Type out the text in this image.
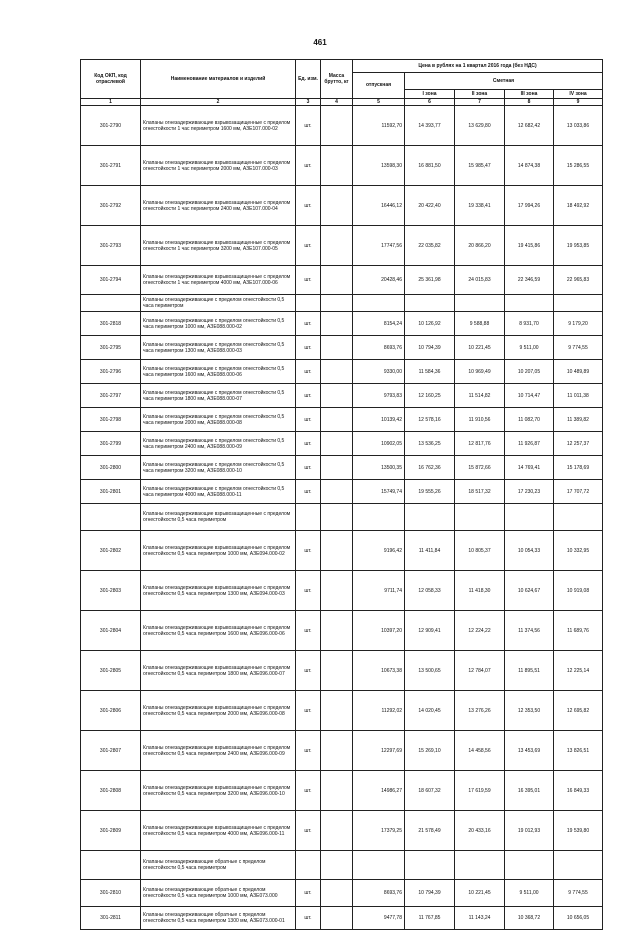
461
Код ОКП, код отраслевой	Наименование материалов и изделий	Ед. изм.	Масса брутто, кг	Цена в рублях на 1 квартал 2016 года (без НДС)				
				отпускная	Сметная			
					I зона	II зона	III зона	IV зона
1	2	3	4	5	6	7	8	9
301-2790	Клапаны огнезадерживающие взрывозащищенные с пределом огнестойкости 1 час периметром 1600 мм, АЗЕ107.000-02	шт.		11592,70	14 393,77	13 629,80	12 682,42	13 033,86
301-2791	Клапаны огнезадерживающие взрывозащищенные с пределом огнестойкости 1 час периметром 2000 мм, АЗЕ107.000-03	шт.		13598,30	16 881,50	15 985,47	14 874,38	15 286,55
301-2792	Клапаны огнезадерживающие взрывозащищенные с пределом огнестойкости 1 час периметром 2400 мм, АЗЕ107.000-04	шт.		16446,12	20 422,40	19 338,41	17 994,26	18 492,92
301-2793	Клапаны огнезадерживающие взрывозащищенные с пределом огнестойкости 1 час периметром 3200 мм, АЗЕ107.000-05	шт.		17747,56	22 035,82	20 866,20	19 415,86	19 953,85
301-2794	Клапаны огнезадерживающие взрывозащищенные с пределом огнестойкости 1 час периметром 4000 мм, АЗЕ107.000-06	шт.		20428,46	25 361,98	24 015,83	22 346,59	22 965,83
	Клапаны огнезадерживающие с пределом огнестойкости 0,5 часа периметром							
301-2818	Клапаны огнезадерживающие с пределом огнестойкости 0,5 часа периметром 1000 мм, АЗЕ088.000-02	шт.		8154,24	10 126,92	9 588,88	8 931,70	9 179,20
301-2795	Клапаны огнезадерживающие с пределом огнестойкости 0,5 часа периметром 1300 мм, АЗЕ088.000-03	шт.		8693,76	10 794,39	10 221,45	9 511,00	9 774,55
301-2796	Клапаны огнезадерживающие с пределом огнестойкости 0,5 часа периметром 1600 мм, АЗЕ088.000-06	шт.		9330,00	11 584,36	10 969,49	10 207,05	10 489,89
301-2797	Клапаны огнезадерживающие с пределом огнестойкости 0,5 часа периметром 1800 мм, АЗЕ088.000-07	шт.		9793,83	12 160,25	11 514,82	10 714,47	11 011,38
301-2798	Клапаны огнезадерживающие с пределом огнестойкости 0,5 часа периметром 2000 мм, АЗЕ088.000-08	шт.		10139,42	12 578,16	11 910,56	11 082,70	11 389,82
301-2799	Клапаны огнезадерживающие с пределом огнестойкости 0,5 часа периметром 2400 мм, АЗЕ088.000-09	шт.		10902,05	13 536,25	12 817,76	11 926,87	12 257,37
301-2800	Клапаны огнезадерживающие с пределом огнестойкости 0,5 часа периметром 3200 мм, АЗЕ088.000-10	шт.		13500,35	16 762,36	15 872,66	14 769,41	15 178,69
301-2801	Клапаны огнезадерживающие с пределом огнестойкости 0,5 часа периметром 4000 мм, АЗЕ088.000-11	шт.		15749,74	19 555,26	18 517,32	17 230,23	17 707,72
	Клапаны огнезадерживающие взрывозащищенные с пределом огнестойкости 0,5 часа периметром							
301-2802	Клапаны огнезадерживающие взрывозащищенные с пределом огнестойкости 0,5 часа периметром 1000 мм, АЗЕ094.000-02	шт.		9196,42	11 411,84	10 805,37	10 054,33	10 332,95
301-2803	Клапаны огнезадерживающие взрывозащищенные с пределом огнестойкости 0,5 часа периметром 1300 мм, АЗЕ094.000-03	шт.		9711,74	12 058,33	11 418,30	10 624,67	10 919,08
301-2804	Клапаны огнезадерживающие взрывозащищенные с пределом огнестойкости 0,5 часа периметром 1600 мм, АЗЕ096.000-06	шт.		10397,20	12 909,41	12 224,22	11 374,56	11 689,76
301-2805	Клапаны огнезадерживающие взрывозащищенные с пределом огнестойкости 0,5 часа периметром 1800 мм, АЗЕ096.000-07	шт.		10673,38	13 500,65	12 784,07	11 895,51	12 225,14
301-2806	Клапаны огнезадерживающие взрывозащищенные с пределом огнестойкости 0,5 часа периметром 2000 мм, АЗЕ096.000-08	шт.		11292,02	14 020,45	13 276,26	12 353,50	12 695,82
301-2807	Клапаны огнезадерживающие взрывозащищенные с пределом огнестойкости 0,5 часа периметром 2400 мм, АЗЕ096.000-09	шт.		12297,69	15 269,10	14 458,56	13 453,69	13 826,51
301-2808	Клапаны огнезадерживающие взрывозащищенные с пределом огнестойкости 0,5 часа периметром 3200 мм, АЗЕ096.000-10	шт.		14986,27	18 607,32	17 619,59	16 395,01	16 849,33
301-2809	Клапаны огнезадерживающие взрывозащищенные с пределом огнестойкости 0,5 часа периметром 4000 мм, АЗЕ096.000-11	шт.		17379,25	21 578,49	20 433,16	19 012,93	19 539,80
	Клапаны огнезадерживающие обратные с пределом огнестойкости 0,5 часа периметром							
301-2810	Клапаны огнезадерживающие обратные с пределом огнестойкости 0,5 часа периметром 1000 мм, АЗЕ073.000	шт.		8693,76	10 794,39	10 221,45	9 511,00	9 774,55
301-2811	Клапаны огнезадерживающие обратные с пределом огнестойкости 0,5 часа периметром 1300 мм, АЗЕ073.000-01	шт.		9477,78	11 767,85	11 143,24	10 368,72	10 656,05
